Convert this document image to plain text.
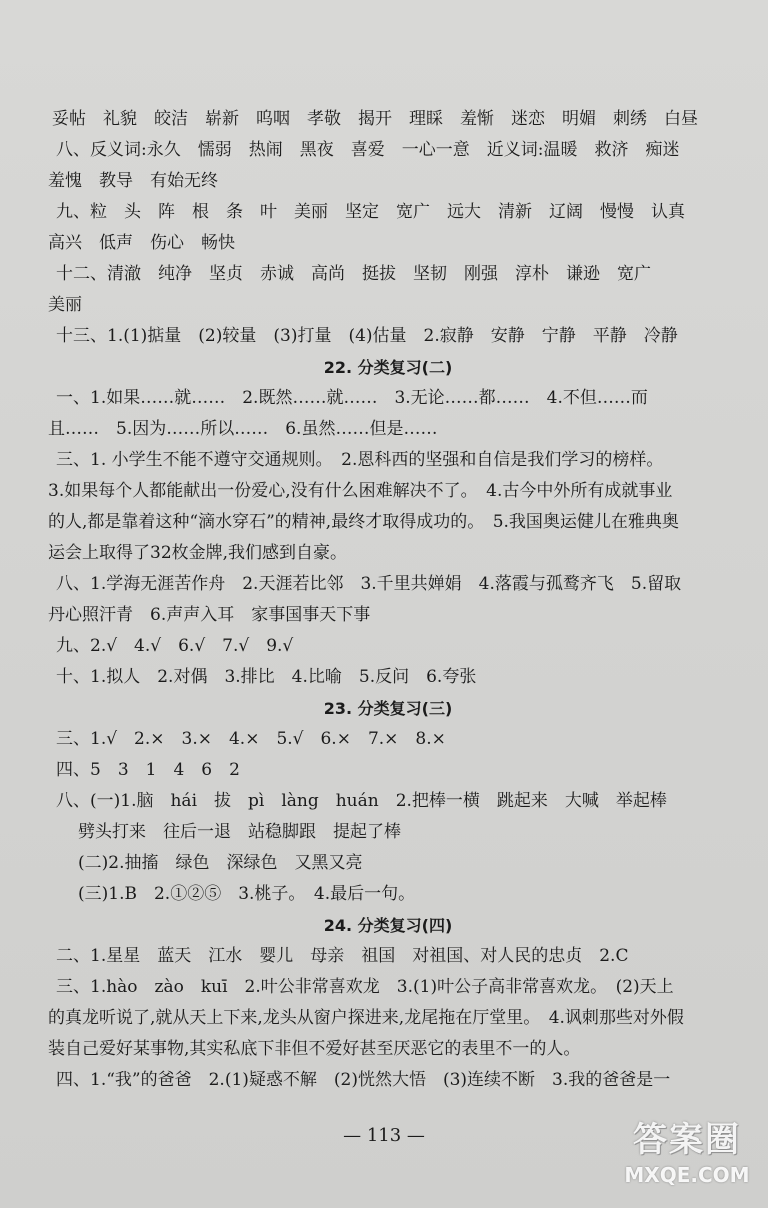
妥帖　礼貌　皎洁　崭新　呜咽　孝敬　揭开　理睬　羞惭　迷恋　明媚　刺绣　白昼
八、反义词:永久　懦弱　热闹　黑夜　喜爱　一心一意　近义词:温暖　救济　痴迷
羞愧　教导　有始无终
九、粒　头　阵　根　条　叶　美丽　坚定　宽广　远大　清新　辽阔　慢慢　认真
高兴　低声　伤心　畅快
十二、清澈　纯净　坚贞　赤诚　高尚　挺拔　坚韧　刚强　淳朴　谦逊　宽广
美丽
十三、1.(1)掂量　(2)较量　(3)打量　(4)估量　2.寂静　安静　宁静　平静　冷静
22. 分类复习(二)
一、1.如果……就……　2.既然……就……　3.无论……都……　4.不但……而
且……　5.因为……所以……　6.虽然……但是……
三、1. 小学生不能不遵守交通规则。　2.恩科西的坚强和自信是我们学习的榜样。
3.如果每个人都能献出一份爱心,没有什么困难解决不了。　4.古今中外所有成就事业
的人,都是靠着这种“滴水穿石”的精神,最终才取得成功的。　5.我国奥运健儿在雅典奥
运会上取得了32枚金牌,我们感到自豪。
八、1.学海无涯苦作舟　2.天涯若比邻　3.千里共婵娟　4.落霞与孤鹜齐飞　5.留取
丹心照汗青　6.声声入耳　家事国事天下事
九、2.√　4.√　6.√　7.√　9.√
十、1.拟人　2.对偶　3.排比　4.比喻　5.反问　6.夸张
23. 分类复习(三)
三、1.√　2.×　3.×　4.×　5.√　6.×　7.×　8.×
四、5　3　1　4　6　2
八、(一)1.脑　hái　拔　pì　làng　huán　2.把棒一横　跳起来　大喊　举起棒
劈头打来　往后一退　站稳脚跟　提起了棒
(二)2.抽搐　绿色　深绿色　又黑又亮
(三)1.B　2.①②⑤　3.桃子。　4.最后一句。
24. 分类复习(四)
二、1.星星　蓝天　江水　婴儿　母亲　祖国　对祖国、对人民的忠贞　2.C
三、1.hào　zào　kuī　2.叶公非常喜欢龙　3.(1)叶公子高非常喜欢龙。　(2)天上
的真龙听说了,就从天上下来,龙头从窗户探进来,龙尾拖在厅堂里。　4.讽刺那些对外假
装自己爱好某事物,其实私底下非但不爱好甚至厌恶它的表里不一的人。
四、1.“我”的爸爸　2.(1)疑惑不解　(2)恍然大悟　(3)连续不断　3.我的爸爸是一
— 113 —	答案圈
MXQE.COM
